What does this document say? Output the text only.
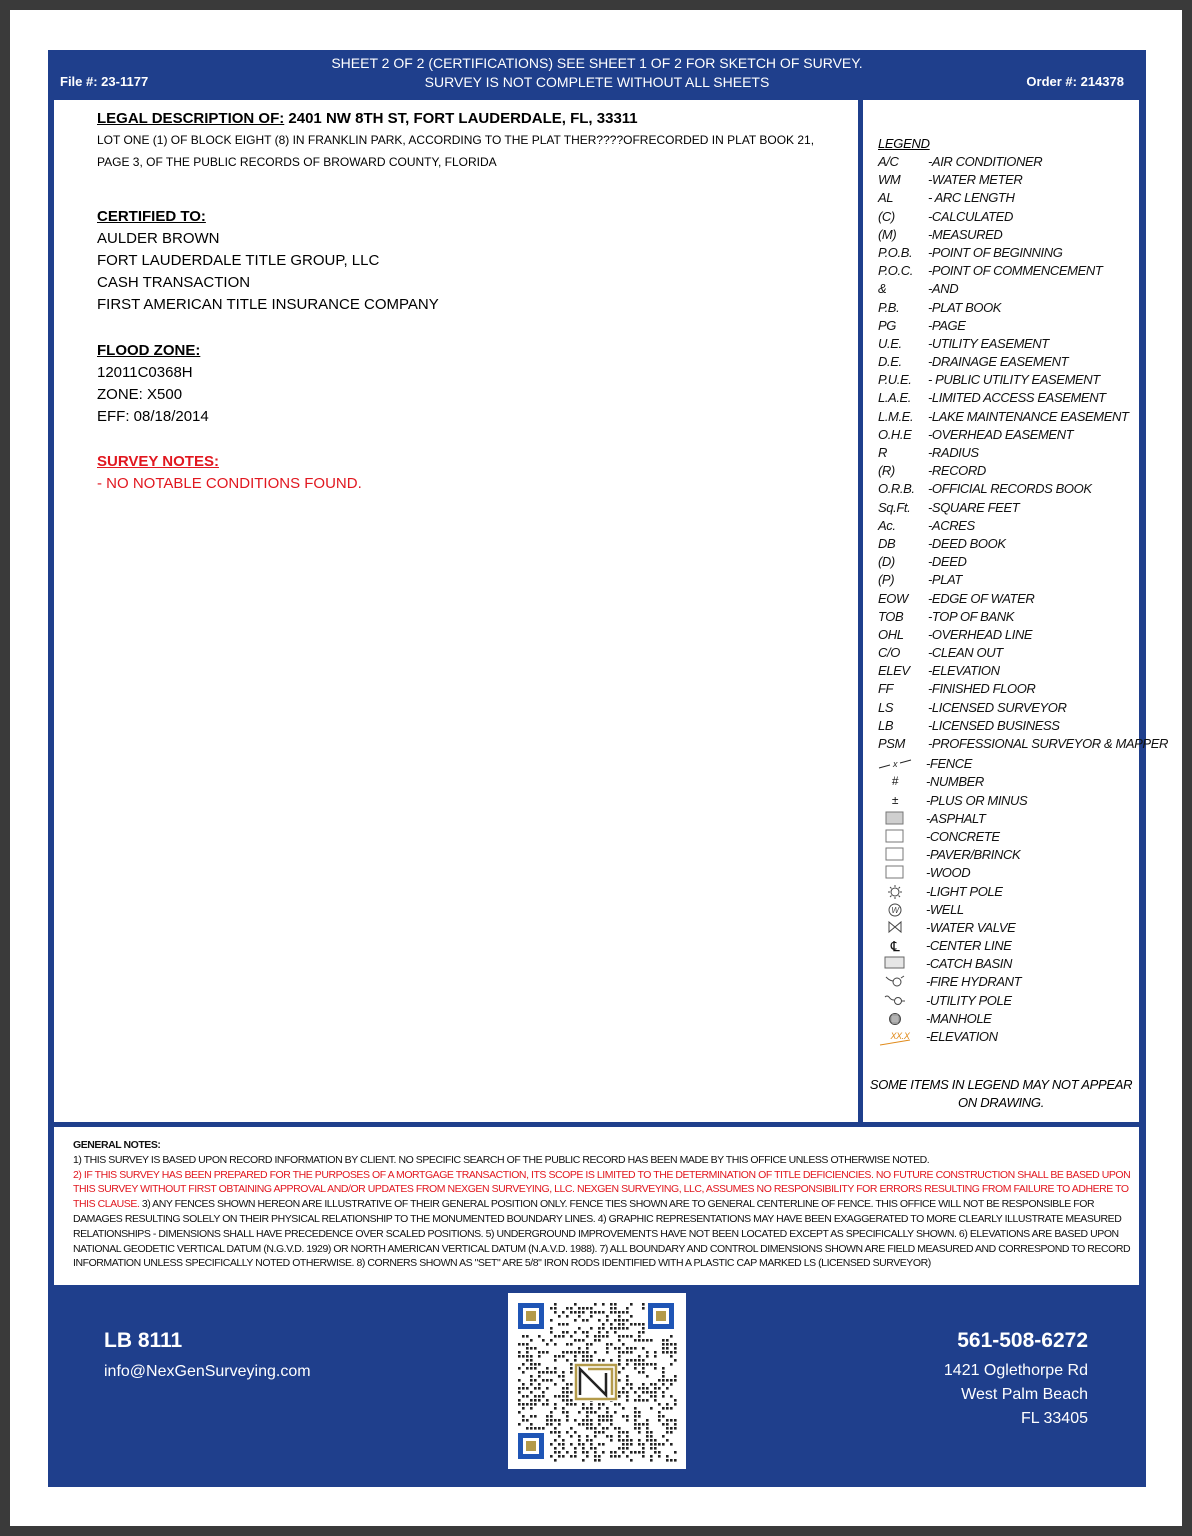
File #: 23-1177
SHEET 2 OF 2 (CERTIFICATIONS) SEE SHEET 1 OF 2 FOR SKETCH OF SURVEY.
SURVEY IS NOT COMPLETE WITHOUT ALL SHEETS	Order #: 214378
LEGAL DESCRIPTION OF: 2401 NW 8TH ST, FORT LAUDERDALE, FL, 33311
LOT ONE (1) OF BLOCK EIGHT (8) IN FRANKLIN PARK, ACCORDING TO THE PLAT THER????OFRECORDED IN PLAT BOOK 21, PAGE 3, OF THE PUBLIC RECORDS OF BROWARD COUNTY, FLORIDA
CERTIFIED TO:
AULDER BROWN
FORT LAUDERDALE TITLE GROUP, LLC
CASH TRANSACTION
FIRST AMERICAN TITLE INSURANCE COMPANY
FLOOD ZONE:
12011C0368H
ZONE: X500
EFF: 08/18/2014
SURVEY NOTES:
- NO NOTABLE CONDITIONS FOUND.
LEGEND
A/C -AIR CONDITIONER
WM -WATER METER
AL	- ARC LENGTH
(C)	-CALCULATED
(M) -MEASURED
P.O.B. -POINT OF BEGINNING
P.O.C. -POINT OF COMMENCEMENT
&	-AND
P.B. -PLAT BOOK
PG -PAGE
U.E. -UTILITY EASEMENT
D.E. -DRAINAGE EASEMENT
P.U.E. - PUBLIC UTILITY EASEMENT
L.A.E. -LIMITED ACCESS EASEMENT
L.M.E. -LAKE MAINTENANCE EASEMENT
O.H.E -OVERHEAD EASEMENT
R	-RADIUS
(R)	-RECORD
O.R.B. -OFFICIAL RECORDS BOOK
Sq.Ft. -SQUARE FEET
Ac. -ACRES
DB	-DEED BOOK
(D)	-DEED
(P)	-PLAT
EOW -EDGE OF WATER
TOB -TOP OF BANK
OHL -OVERHEAD LINE
C/O -CLEAN OUT
ELEV -ELEVATION
FF	-FINISHED FLOOR
LS	-LICENSED SURVEYOR
LB	-LICENSED BUSINESS
PSM -PROFESSIONAL SURVEYOR & MAPPER
x -FENCE
#	-NUMBER
±	-PLUS OR MINUS
-ASPHALT
-CONCRETE
-PAVER/BRINCK
-WOOD
-LIGHT POLE
W -WELL
-WATER VALVE
℄	-CENTER LINE
-CATCH BASIN
-FIRE HYDRANT
-UTILITY POLE
-MANHOLE
XX.X -ELEVATION
SOME ITEMS IN LEGEND MAY NOT APPEAR ON DRAWING.
GENERAL NOTES:
1) THIS SURVEY IS BASED UPON RECORD INFORMATION BY CLIENT. NO SPECIFIC SEARCH OF THE PUBLIC RECORD HAS BEEN MADE BY THIS OFFICE UNLESS OTHERWISE NOTED.
2) IF THIS SURVEY HAS BEEN PREPARED FOR THE PURPOSES OF A MORTGAGE TRANSACTION, ITS SCOPE IS LIMITED TO THE DETERMINATION OF TITLE DEFICIENCIES. NO FUTURE CONSTRUCTION SHALL BE BASED UPON THIS SURVEY WITHOUT FIRST OBTAINING APPROVAL AND/OR UPDATES FROM NEXGEN SURVEYING, LLC. NEXGEN SURVEYING, LLC, ASSUMES NO RESPONSIBILITY FOR ERRORS RESULTING FROM FAILURE TO ADHERE TO THIS CLAUSE. 3) ANY FENCES SHOWN HEREON ARE ILLUSTRATIVE OF THEIR GENERAL POSITION ONLY. FENCE TIES SHOWN ARE TO GENERAL CENTERLINE OF FENCE. THIS OFFICE WILL NOT BE RESPONSIBLE FOR DAMAGES RESULTING SOLELY ON THEIR PHYSICAL RELATIONSHIP TO THE MONUMENTED BOUNDARY LINES. 4) GRAPHIC REPRESENTATIONS MAY HAVE BEEN EXAGGERATED TO MORE CLEARLY ILLUSTRATE MEASURED RELATIONSHIPS - DIMENSIONS SHALL HAVE PRECEDENCE OVER SCALED POSITIONS. 5) UNDERGROUND IMPROVEMENTS HAVE NOT BEEN LOCATED EXCEPT AS SPECIFICALLY SHOWN. 6) ELEVATIONS ARE BASED UPON NATIONAL GEODETIC VERTICAL DATUM (N.G.V.D. 1929) OR NORTH AMERICAN VERTICAL DATUM (N.A.V.D. 1988). 7) ALL BOUNDARY AND CONTROL DIMENSIONS SHOWN ARE FIELD MEASURED AND CORRESPOND TO RECORD INFORMATION UNLESS SPECIFICALLY NOTED OTHERWISE. 8) CORNERS SHOWN AS "SET" ARE 5/8" IRON RODS IDENTIFIED WITH A PLASTIC CAP MARKED LS (LICENSED SURVEYOR)
LB 8111
info@NexGenSurveying.com
561-508-6272
1421 Oglethorpe Rd
West Palm Beach
FL 33405
